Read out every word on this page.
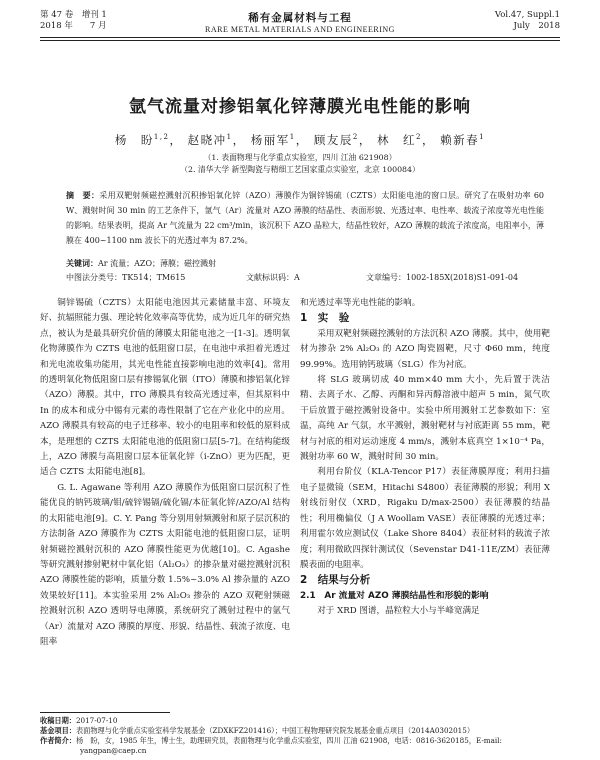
第 47 卷　增刊 1
2018 年　　7 月
稀有金属材料与工程
RARE METAL MATERIALS AND ENGINEERING
Vol.47, Suppl.1
July　2018
氩气流量对掺铝氧化锌薄膜光电性能的影响
杨　盼$^{1,2}$， 赵晓冲$^1$， 杨丽军$^1$， 顾友辰$^2$， 林　红$^2$， 赖新春$^1$
（1. 表面物理与化学重点实验室，四川 江油 621908）
（2. 清华大学 新型陶瓷与精细工艺国家重点实验室，北京 100084）
摘　要：采用双靶射频磁控溅射沉积掺铝氧化锌（AZO）薄膜作为铜锌锡硫（CZTS）太阳能电池的窗口层。研究了在吸射功率 60 W、溅射时间 30 min 的工艺条件下，氩气（Ar）流量对 AZO 薄膜的结晶性、表面形貌、光透过率、电性率、载流子浓度等光电性能的影响。结果表明，提高 Ar 气流量为 22 cm³/min，该沉积下 AZO 晶粒大，结晶性较好，AZO 薄膜的载流子浓度高，电阻率小，薄膜在 400~1100 nm 波长下的光透过率为 87.2%。
关键词：Ar 流量；AZO；薄膜；磁控溅射
中图法分类号：TK514；TM615	文献标识码：A	文章编号：1002-185X(2018)S1-091-04

铜锌锡硫（CZTS）太阳能电池因其元素储量丰富、环境友好、抗辐照能力强、理论转化效率高等优势，成为近几年的研究热点，被认为是最具研究价值的薄膜太阳能电池之一[1-3]。透明氧化物薄膜作为 CZTS 电池的低阻窗口层，在电池中承担着光透过和光电流收集功能用，其光电性能直接影响电池的效率[4]。常用的透明氧化物低阻窗口层有掺锡氧化铟（ITO）薄膜和掺铝氧化锌（AZO）薄膜。其中，ITO 薄膜具有较高光透过率，但其原料中 In 的成本和成分中锡有元素的毒性限制了它在产业化中的应用。AZO 薄膜具有较高的电子迁移率、较小的电阻率和较低的原料成本，是理想的 CZTS 太阳能电池的低阻窗口层[5-7]。在结构能级上，AZO 薄膜与高阻窗口层本征氧化锌（i-ZnO）更为匹配，更适合 CZTS 太阳能电池[8]。

G. L. Agawane 等利用 AZO 薄膜作为低阻窗口层沉积了性能优良的钠钙玻璃/钼/硫锌锡镉/硫化镉/本征氧化锌/AZO/Al 结构的太阳能电池[9]。C. Y. Pang 等分别用射频溅射和原子层沉积的方法制备 AZO 薄膜作为 CZTS 太阳能电池的低阻窗口层，证明射频磁控溅射沉积的 AZO 薄膜性能更为优越[10]。C. Agashe 等研究溅射掺射靶材中氧化铝（Al₂O₃）的掺杂量对磁控溅射沉积 AZO 薄膜性能的影响，质量分数 1.5%~3.0% Al 掺杂量的 AZO 效果较好[11]。本实验采用 2% Al₂O₃ 掺杂的 AZO 双靶射频磁控溅射沉积 AZO 透明导电薄膜，系统研究了溅射过程中的氩气（Ar）流量对 AZO 薄膜的厚度、形貌、结晶性、载流子浓度、电阻率

和光透过率等光电性能的影响。

1　实　验

采用双靶射频磁控溅射的方法沉积 AZO 薄膜。其中，使用靶材为掺杂 2% Al₂O₃ 的 AZO 陶瓷圆靶，尺寸 Φ60 mm，纯度 99.99%。选用钠钙玻璃（SLG）作为衬底。

将 SLG 玻璃切成 40 mm×40 mm 大小，先后置于洗洁精、去离子水、乙醇、丙酮和异丙醇溶液中超声 5 min，氮气吹干后放置于磁控溅射设备中。实验中所用溅射工艺参数如下：室温，高纯 Ar 气氛，水平溅射，溅射靶材与衬底距离 55 mm，靶材与衬底的相对运动速度 4 mm/s，溅射本底真空 1×10⁻⁴ Pa，溅射功率 60 W，溅射时间 30 min。

利用台阶仪（KLA-Tencor P17）表征薄膜厚度；利用扫描电子显微镜（SEM，Hitachi S4800）表征薄膜的形貌；利用 X 射线衍射仪（XRD，Rigaku D/max-2500）表征薄膜的结晶性；利用椭偏仪（J A Woollam VASE）表征薄膜的光透过率；利用霍尔效应测试仪（Lake Shore 8404）表征材料的载流子浓度；利用微欧四探针测试仪（Sevenstar D41-11E/ZM）表征薄膜表面的电阻率。

2　结果与分析

2.1　Ar 流量对 AZO 薄膜结晶性和形貌的影响

对于 XRD 图谱，晶粒粒大小与半峰宽满足

收稿日期：2017-07-10
基金项目：表面物理与化学重点实验室科学发展基金（ZDXKFZ201416）；中国工程物理研究院发展基金重点项目（2014A0302015）
作者简介：杨　盼，女，1985 年生，博士生，助理研究员，表面物理与化学重点实验室，四川 江油 621908，电话：0816-3620185，E-mail:
yangpan@caep.cn
